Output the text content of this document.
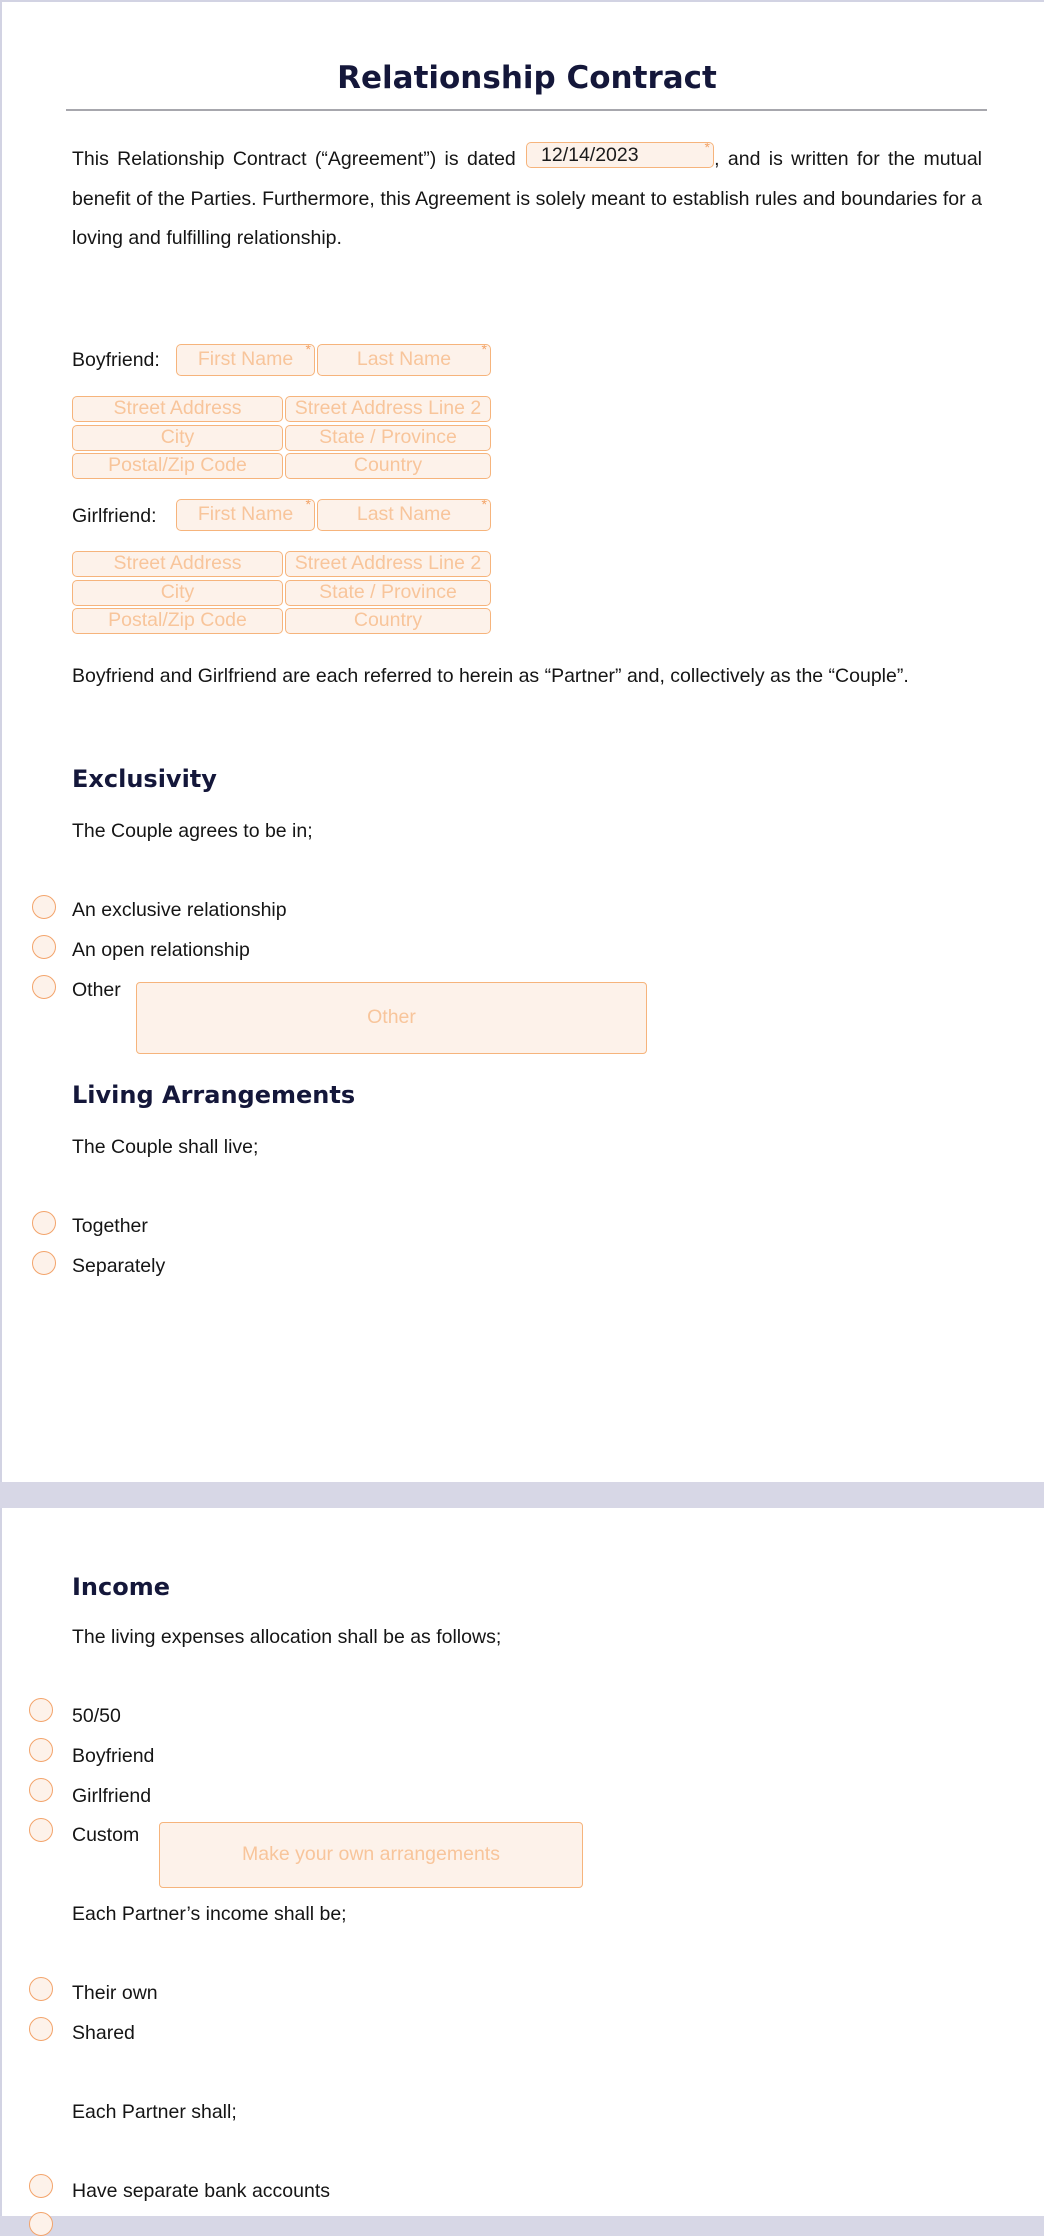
Relationship Contract
This Relationship Contract (“Agreement”) is dated	, and is written for the mutual benefit of the Parties. Furthermore, this Agreement is solely meant to establish rules and boundaries for a loving and fulfilling relationship.
12/14/2023	*
Boyfriend:	First Name *	Last Name *
Street Address	Street Address Line 2
City	State / Province
Postal/Zip Code	Country
Girlfriend:	First Name *	Last Name *
Street Address	Street Address Line 2
City	State / Province
Postal/Zip Code	Country
Boyfriend and Girlfriend are each referred to herein as “Partner” and, collectively as the “Couple”.
Exclusivity
The Couple agrees to be in;
An exclusive relationship
An open relationship
Other
Other
Living Arrangements
The Couple shall live;
Together
Separately
Income
The living expenses allocation shall be as follows;
50/50
Boyfriend
Girlfriend
Custom
Make your own arrangements
Each Partner’s income shall be;
Their own
Shared
Each Partner shall;
Have separate bank accounts
